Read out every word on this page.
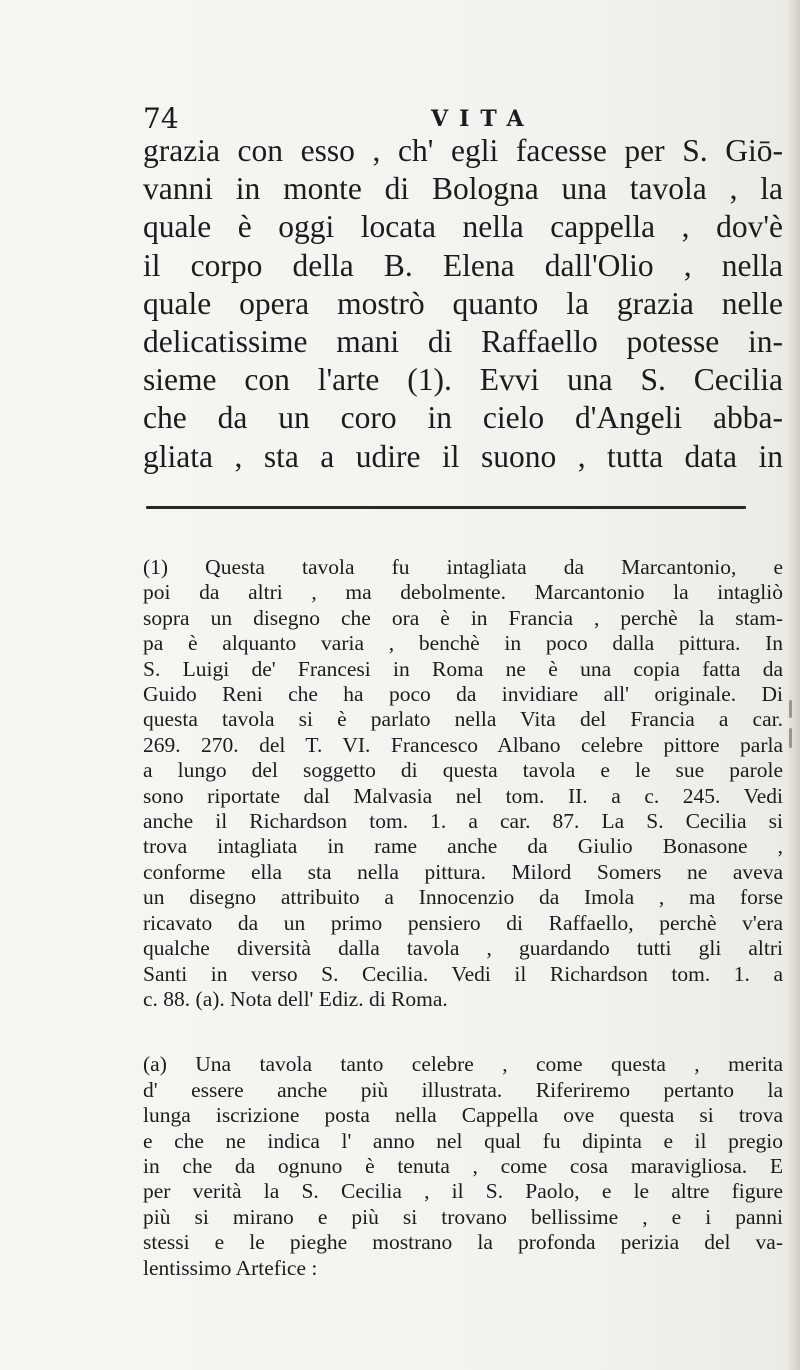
74	VITA
grazia con esso , ch' egli facesse per S. Giō-
vanni in monte di Bologna una tavola , la
quale è oggi locata nella cappella , dov'è
il corpo della B. Elena dall'Olio , nella
quale opera mostrò quanto la grazia nelle
delicatissime mani di Raffaello potesse in-
sieme con l'arte (1). Evvi una S. Cecilia
che da un coro in cielo d'Angeli abba-
gliata , sta a udire il suono , tutta data in
(1) Questa tavola fu intagliata da Marcantonio, e
poi da altri , ma debolmente. Marcantonio la intagliò
sopra un disegno che ora è in Francia , perchè la stam-
pa è alquanto varia , benchè in poco dalla pittura. In
S. Luigi de' Francesi in Roma ne è una copia fatta da
Guido Reni che ha poco da invidiare all' originale. Di
questa tavola si è parlato nella Vita del Francia a car.
269. 270. del T. VI. Francesco Albano celebre pittore parla
a lungo del soggetto di questa tavola e le sue parole
sono riportate dal Malvasia nel tom. II. a c. 245. Vedi
anche il Richardson tom. 1. a car. 87. La S. Cecilia si
trova intagliata in rame anche da Giulio Bonasone ,
conforme ella sta nella pittura. Milord Somers ne aveva
un disegno attribuito a Innocenzio da Imola , ma forse
ricavato da un primo pensiero di Raffaello, perchè v'era
qualche diversità dalla tavola , guardando tutti gli altri
Santi in verso S. Cecilia. Vedi il Richardson tom. 1. a
c. 88. (a). Nota dell' Ediz. di Roma.
(a) Una tavola tanto celebre , come questa , merita
d' essere anche più illustrata. Riferiremo pertanto la
lunga iscrizione posta nella Cappella ove questa si trova
e che ne indica l' anno nel qual fu dipinta e il pregio
in che da ognuno è tenuta , come cosa maravigliosa. E
per verità la S. Cecilia , il S. Paolo, e le altre figure
più si mirano e più si trovano bellissime , e i panni
stessi e le pieghe mostrano la profonda perizia del va-
lentissimo Artefice :
